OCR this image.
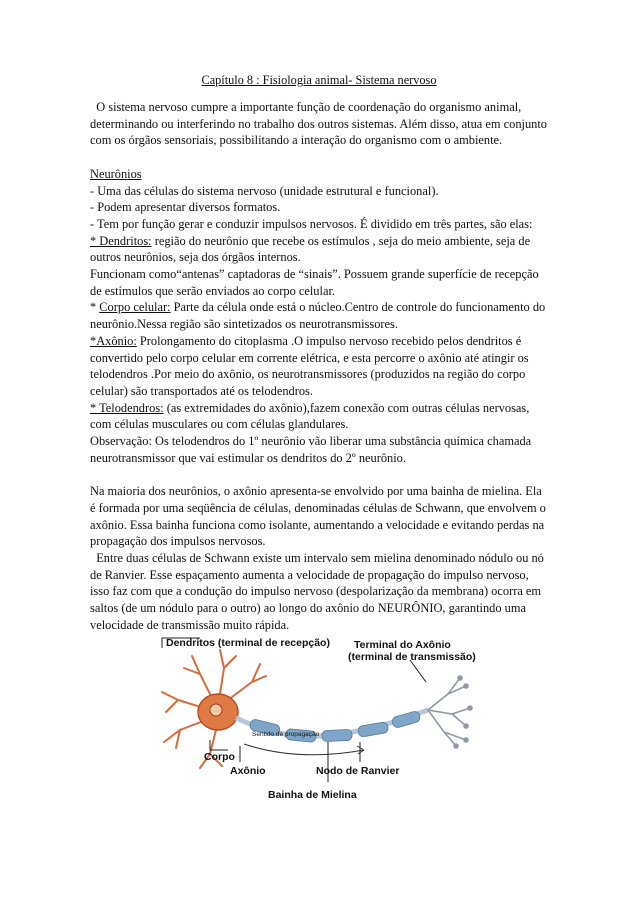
Capítulo 8 : Fisiologia animal- Sistema nervoso

O sistema nervoso cumpre a importante função de coordenação do organismo animal, determinando ou interferindo no trabalho dos outros sistemas. Além disso, atua em conjunto com os órgãos sensoriais, possibilitando a interação do organismo com o ambiente.

Neurônios

- Uma das células do sistema nervoso (unidade estrutural e funcional).

- Podem apresentar diversos formatos.

- Tem por função gerar e conduzir impulsos nervosos. É dividido em três partes, são elas:

* Dendritos: região do neurônio que recebe os estímulos , seja do meio ambiente, seja de outros neurônios, seja dos órgãos internos.

Funcionam como“antenas” captadoras de “sinais”. Possuem grande superfície de recepção de estímulos que serão enviados ao corpo celular.

* Corpo celular: Parte da célula onde está o núcleo.Centro de controle do funcionamento do neurônio.Nessa região são sintetizados os neurotransmissores.

*Axônio: Prolongamento do citoplasma .O impulso nervoso recebido pelos dendritos é convertido pelo corpo celular em corrente elétrica, e esta percorre o axônio até atingir os telodendros .Por meio do axônio, os neurotransmissores (produzidos na região do corpo celular) são transportados até os telodendros.

* Telodendros: (as extremidades do axônio),fazem conexão com outras células nervosas, com células musculares ou com células glandulares.

Observação: Os telodendros do 1º neurônio vão liberar uma substância química chamada neurotransmissor que vai estimular os dendritos do 2º neurônio.

Na maioria dos neurônios, o axônio apresenta-se envolvido por uma bainha de mielina. Ela é formada por uma seqüência de células, denominadas células de Schwann, que envolvem o axônio. Essa bainha funciona como isolante, aumentando a velocidade e evitando perdas na propagação dos impulsos nervosos.

Entre duas células de Schwann existe um intervalo sem mielina denominado nódulo ou nó de Ranvier. Esse espaçamento aumenta a velocidade de propagação do impulso nervoso, isso faz com que a condução do impulso nervoso (despolarização da membrana) ocorra em saltos (de um nódulo para o outro) ao longo do axônio do NEURÔNIO, garantindo uma velocidade de transmissão muito rápida.

Dendritos (terminal de recepção) Terminal do Axônio
(terminal de transmissão)
Sentido de propagação
Corpo
Axônio	Nodo de Ranvier
Bainha de Mielina
